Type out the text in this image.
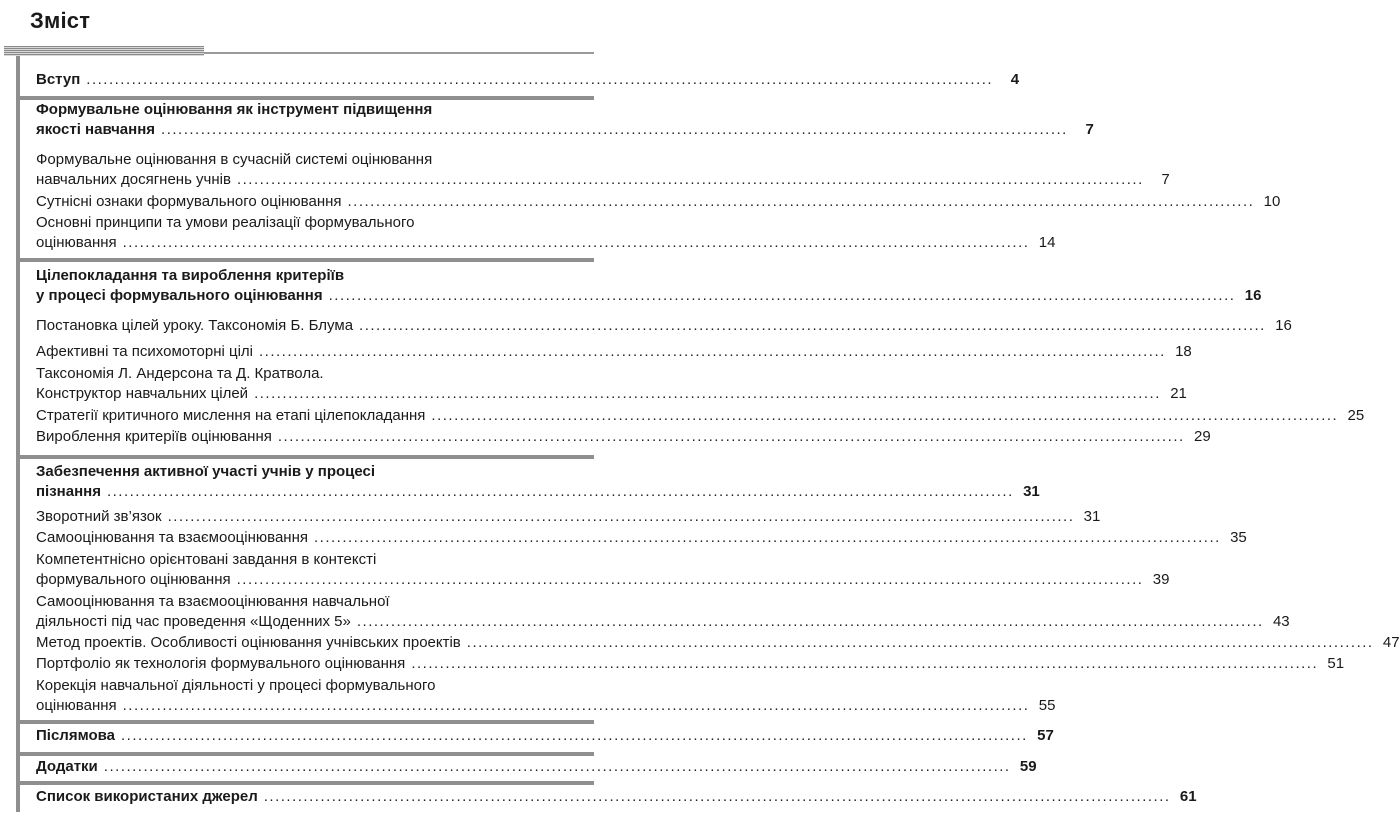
Зміст
Вступ ................................................................................................................................................................	4
Формувальне оцінювання як інструмент підвищення
якості навчання ................................................................................................................................................................	7
Формувальне оцінювання в сучасній системі оцінювання
навчальних досягнень учнів ................................................................................................................................................................	7
Сутнісні ознаки формувального оцінювання ................................................................................................................................................................ 10
Основні принципи та умови реалізації формувального
оцінювання ................................................................................................................................................................ 14
Цілепокладання та вироблення критеріїв
у процесі формувального оцінювання ................................................................................................................................................................ 16
Постановка цілей уроку. Таксономія Б. Блума ................................................................................................................................................................ 16
Афективні та психомоторні цілі ................................................................................................................................................................ 18
Таксономія Л. Андерсона та Д. Кратвола.
Конструктор навчальних цілей ................................................................................................................................................................ 21
Стратегії критичного мислення на етапі цілепокладання ................................................................................................................................................................ 25
Вироблення критеріїв оцінювання ................................................................................................................................................................ 29
Забезпечення активної участі учнів у процесі
пізнання ................................................................................................................................................................ 31
Зворотний зв’язок ................................................................................................................................................................ 31
Самооцінювання та взаємооцінювання ................................................................................................................................................................ 35
Компетентнісно орієнтовані завдання в контексті
формувального оцінювання ................................................................................................................................................................ 39
Самооцінювання та взаємооцінювання навчальної
діяльності під час проведення «Щоденних 5» ................................................................................................................................................................ 43
Метод проектів. Особливості оцінювання учнівських проектів ................................................................................................................................................................ 47
Портфоліо як технологія формувального оцінювання ................................................................................................................................................................ 51
Корекція навчальної діяльності у процесі формувального
оцінювання ................................................................................................................................................................ 55
Післямова ................................................................................................................................................................ 57
Додатки ................................................................................................................................................................ 59
Список використаних джерел ................................................................................................................................................................ 61
